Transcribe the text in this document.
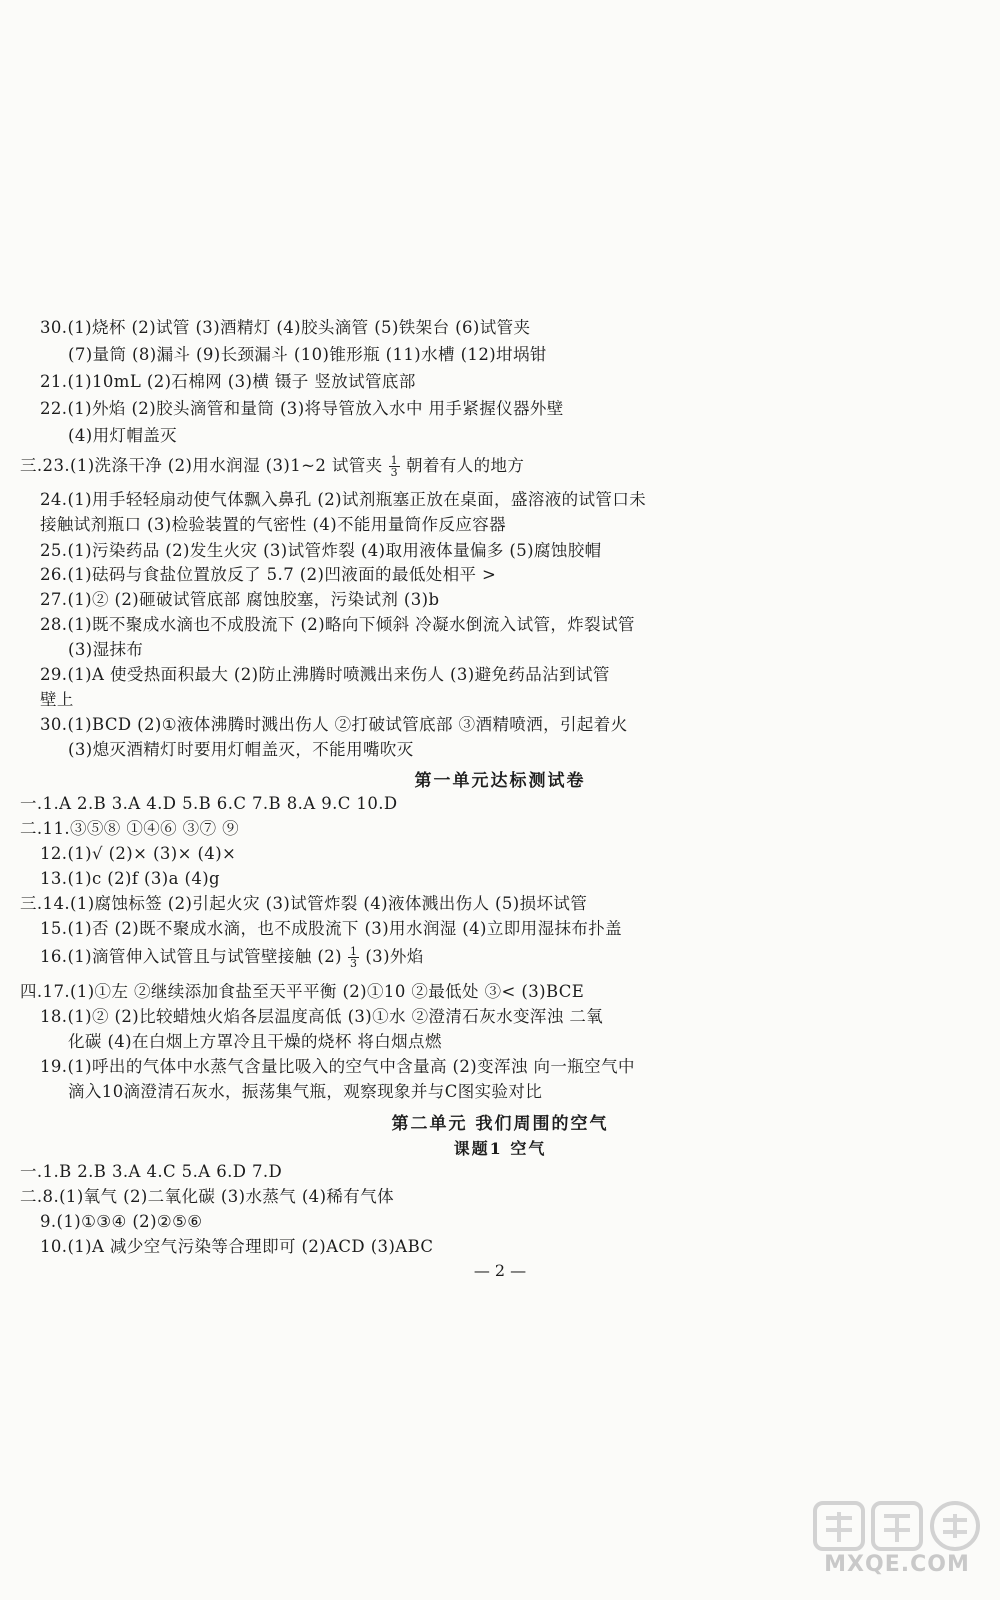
30.(1)烧杯 (2)试管 (3)酒精灯 (4)胶头滴管 (5)铁架台 (6)试管夹
(7)量筒 (8)漏斗 (9)长颈漏斗 (10)锥形瓶 (11)水槽 (12)坩埚钳
21.(1)10mL (2)石棉网 (3)横 镊子 竖放试管底部
22.(1)外焰 (2)胶头滴管和量筒 (3)将导管放入水中 用手紧握仪器外壁
(4)用灯帽盖灭
三.23.(1)洗涤干净 (2)用水润湿 (3)1~2 试管夹 $\frac{1}{3}$ 朝着有人的地方
24.(1)用手轻轻扇动使气体飘入鼻孔 (2)试剂瓶塞正放在桌面，盛溶液的试管口未
接触试剂瓶口 (3)检验装置的气密性 (4)不能用量筒作反应容器
25.(1)污染药品 (2)发生火灾 (3)试管炸裂 (4)取用液体量偏多 (5)腐蚀胶帽
26.(1)砝码与食盐位置放反了 5.7 (2)凹液面的最低处相平 >
27.(1)② (2)砸破试管底部 腐蚀胶塞，污染试剂 (3)b
28.(1)既不聚成水滴也不成股流下 (2)略向下倾斜 冷凝水倒流入试管，炸裂试管
(3)湿抹布
29.(1)A 使受热面积最大 (2)防止沸腾时喷溅出来伤人 (3)避免药品沾到试管
壁上
30.(1)BCD (2)①液体沸腾时溅出伤人 ②打破试管底部 ③酒精喷洒，引起着火
(3)熄灭酒精灯时要用灯帽盖灭，不能用嘴吹灭
第一单元达标测试卷
一.1.A 2.B 3.A 4.D 5.B 6.C 7.B 8.A 9.C 10.D
二.11.③⑤⑧ ①④⑥ ③⑦ ⑨
12.(1)√ (2)× (3)× (4)×
13.(1)c (2)f (3)a (4)g
三.14.(1)腐蚀标签 (2)引起火灾 (3)试管炸裂 (4)液体溅出伤人 (5)损坏试管
15.(1)否 (2)既不聚成水滴，也不成股流下 (3)用水润湿 (4)立即用湿抹布扑盖
16.(1)滴管伸入试管且与试管壁接触 $(2) \frac{1}{3} (3)$外焰
四.17.(1)①左 ②继续添加食盐至天平平衡 (2)①10 ②最低处 ③< (3)BCE
18.(1)② (2)比较蜡烛火焰各层温度高低 (3)①水 ②澄清石灰水变浑浊 二氧
化碳 (4)在白烟上方罩冷且干燥的烧杯 将白烟点燃
19.(1)呼出的气体中水蒸气含量比吸入的空气中含量高 (2)变浑浊 向一瓶空气中
滴入10滴澄清石灰水，振荡集气瓶，观察现象并与C图实验对比
第二单元 我们周围的空气
课题1 空气
一.1.B 2.B 3.A 4.C 5.A 6.D 7.D
二.8.(1)氧气 (2)二氧化碳 (3)水蒸气 (4)稀有气体
9.(1)①③④ (2)②⑤⑥
10.(1)A 减少空气污染等合理即可 (2)ACD (3)ABC
— 2 —
MXQE.COM
